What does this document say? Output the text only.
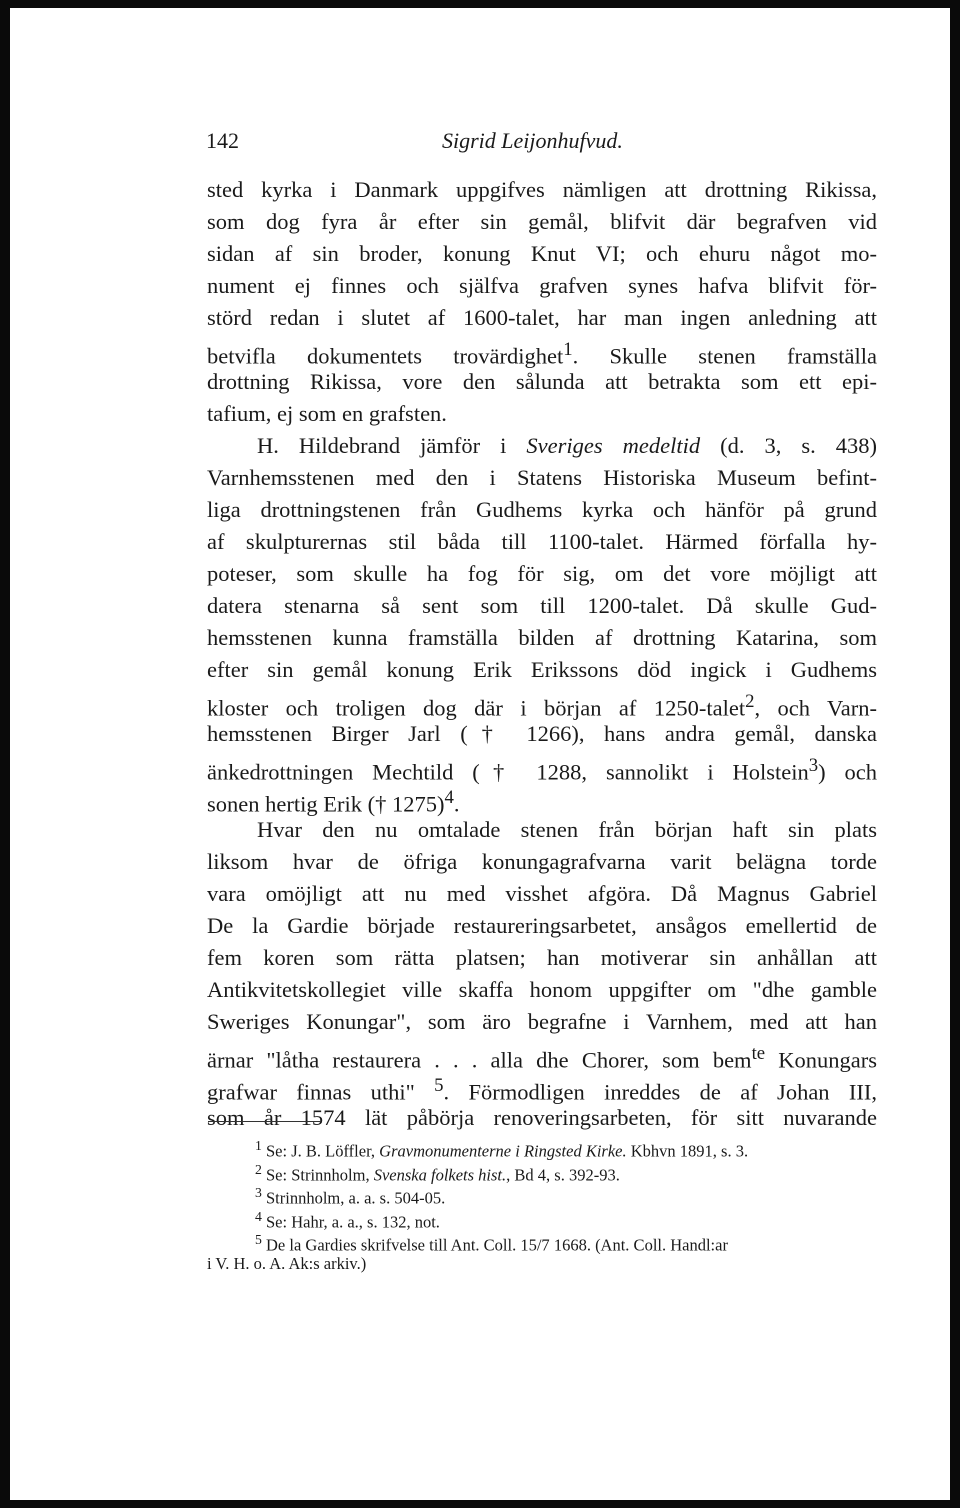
142	Sigrid Leijonhufvud.
sted kyrka i Danmark uppgifves nämligen att drottning Rikissa,
som dog fyra år efter sin gemål, blifvit där begrafven vid
sidan af sin broder, konung Knut VI; och ehuru något mo-
nument ej finnes och själfva grafven synes hafva blifvit för-
störd redan i slutet af 1600-talet, har man ingen anledning att
betvifla dokumentets trovärdighet$^1$. Skulle stenen framställa
drottning Rikissa, vore den sålunda att betrakta som ett epi-
tafium, ej som en grafsten.
H. Hildebrand jämför i Sveriges medeltid (d. 3, s. 438)
Varnhemsstenen med den i Statens Historiska Museum befint-
liga drottningstenen från Gudhems kyrka och hänför på grund
af skulpturernas stil båda till 1100-talet. Härmed förfalla hy-
poteser, som skulle ha fog för sig, om det vore möjligt att
datera stenarna så sent som till 1200-talet. Då skulle Gud-
hemsstenen kunna framställa bilden af drottning Katarina, som
efter sin gemål konung Erik Erikssons död ingick i Gudhems
kloster och troligen dog där i början af 1250-talet$^2$, och Varn-
hemsstenen Birger Jarl († 1266), hans andra gemål, danska
änkedrottningen Mechtild († 1288, sannolikt i Holstein$^3$) och
sonen hertig Erik († 1275)$^4$.
Hvar den nu omtalade stenen från början haft sin plats
liksom hvar de öfriga konungagrafvarna varit belägna torde
vara omöjligt att nu med visshet afgöra. Då Magnus Gabriel
De la Gardie började restaureringsarbetet, ansågos emellertid de
fem koren som rätta platsen; han motiverar sin anhållan att
Antikvitetskollegiet ville skaffa honom uppgifter om "dhe gamble
Sweriges Konungar", som äro begrafne i Varnhem, med att han
ärnar "låtha restaurera . . . alla dhe Chorer, som bem$^{te}$ Konungars
grafwar finnas uthi" $^5$. Förmodligen inreddes de af Johan III,
som år 1574 lät påbörja renoveringsarbeten, för sitt nuvarande
$^1$ Se: J. B. Löffler, Gravmonumenterne i Ringsted Kirke. Kbhvn 1891, s. 3.
$^2$ Se: Strinnholm, Svenska folkets hist., Bd 4, s. 392-93.
$^3$ Strinnholm, a. a. s. 504-05.
$^4$ Se: Hahr, a. a., s. 132, not.
$^5$ De la Gardies skrifvelse till Ant. Coll. 15/7 1668. (Ant. Coll. Handl:ar
i V. H. o. A. Ak:s arkiv.)
